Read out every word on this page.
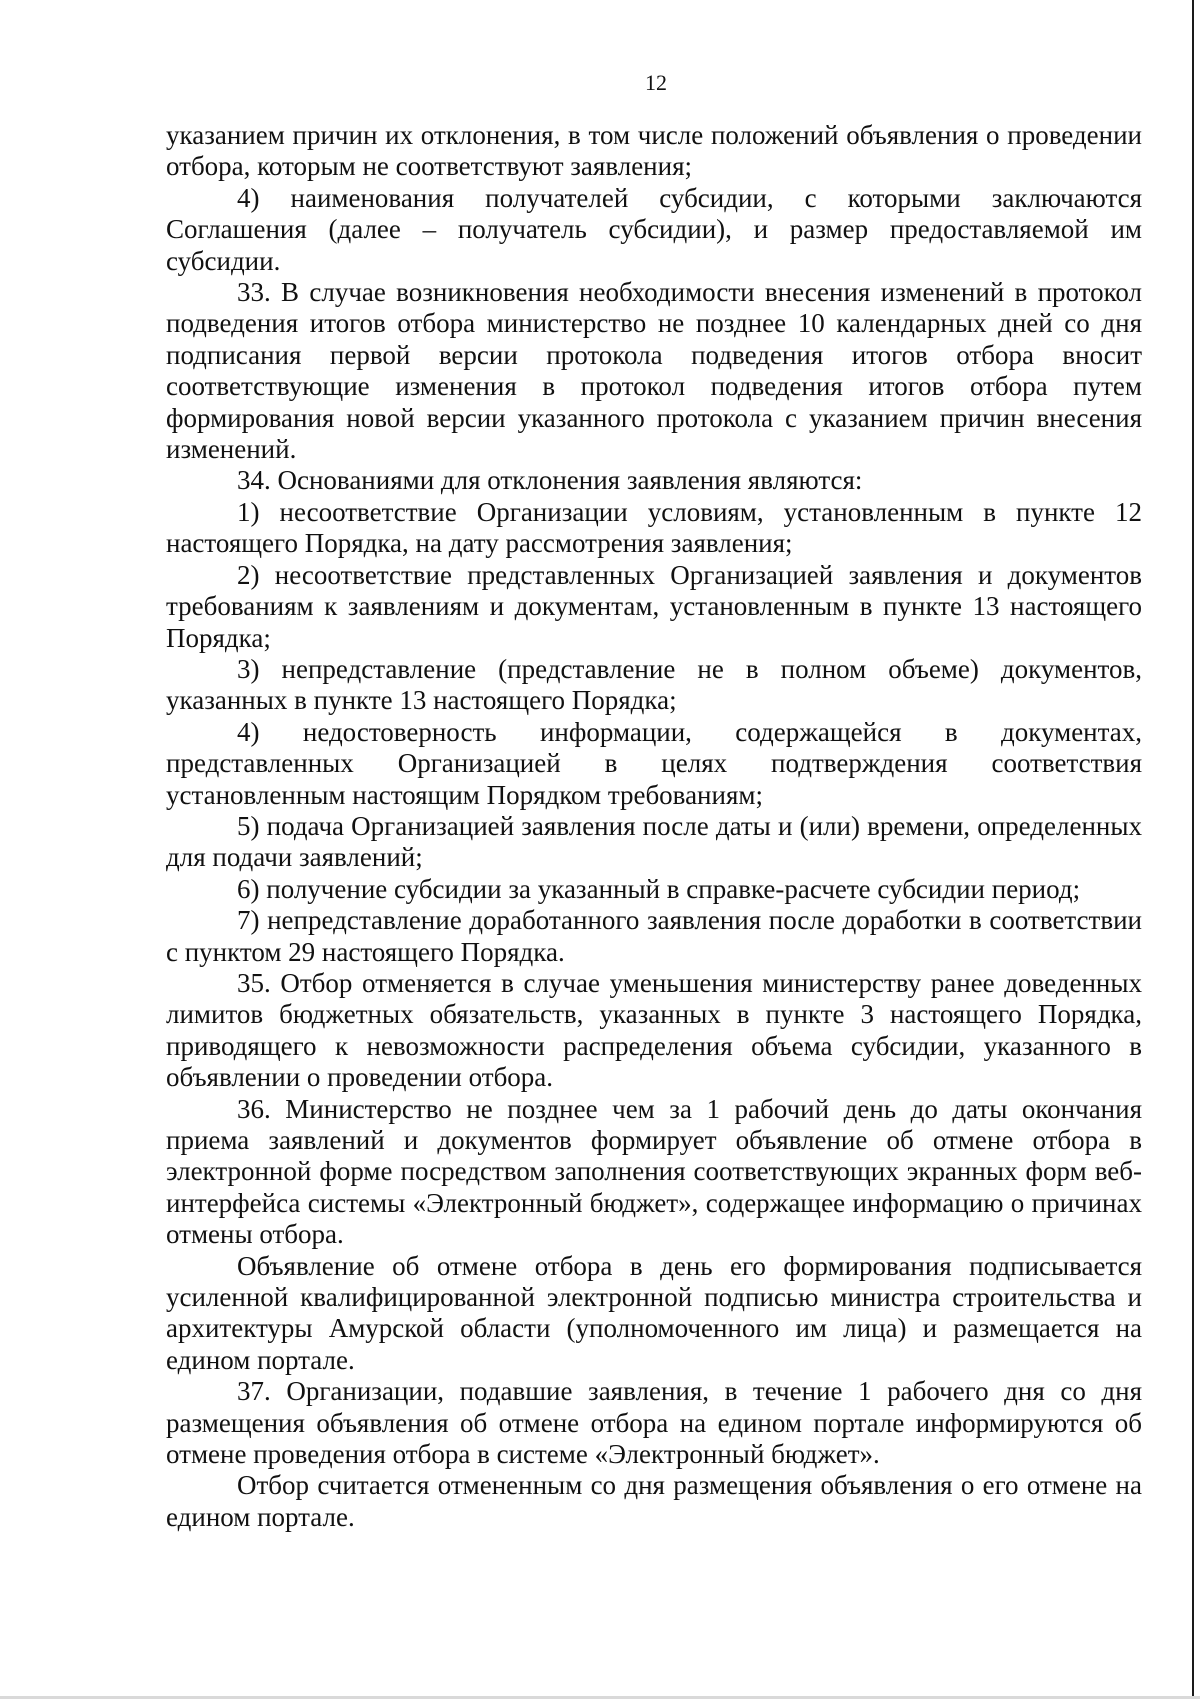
12

указанием причин их отклонения, в том числе положений объявления о проведении отбора, которым не соответствуют заявления;

4) наименования получателей субсидии, с которыми заключаются Соглашения (далее – получатель субсидии), и размер предоставляемой им субсидии.

33. В случае возникновения необходимости внесения изменений в протокол подведения итогов отбора министерство не позднее 10 календарных дней со дня подписания первой версии протокола подведения итогов отбора вносит соответствующие изменения в протокол подведения итогов отбора путем формирования новой версии указанного протокола с указанием причин внесения изменений.

34. Основаниями для отклонения заявления являются:

1) несоответствие Организации условиям, установленным в пункте 12 настоящего Порядка, на дату рассмотрения заявления;

2) несоответствие представленных Организацией заявления и документов требованиям к заявлениям и документам, установленным в пункте 13 настоящего Порядка;

3) непредставление (представление не в полном объеме) документов, указанных в пункте 13 настоящего Порядка;

4) недостоверность информации, содержащейся в документах, представленных Организацией в целях подтверждения соответствия установленным настоящим Порядком требованиям;

5) подача Организацией заявления после даты и (или) времени, определенных для подачи заявлений;

6) получение субсидии за указанный в справке-расчете субсидии период;

7) непредставление доработанного заявления после доработки в соответствии с пунктом 29 настоящего Порядка.

35. Отбор отменяется в случае уменьшения министерству ранее доведенных лимитов бюджетных обязательств, указанных в пункте 3 настоящего Порядка, приводящего к невозможности распределения объема субсидии, указанного в объявлении о проведении отбора.

36. Министерство не позднее чем за 1 рабочий день до даты окончания приема заявлений и документов формирует объявление об отмене отбора в электронной форме посредством заполнения соответствующих экранных форм веб-интерфейса системы «Электронный бюджет», содержащее информацию о причинах отмены отбора.

Объявление об отмене отбора в день его формирования подписывается усиленной квалифицированной электронной подписью министра строительства и архитектуры Амурской области (уполномоченного им лица) и размещается на едином портале.

37. Организации, подавшие заявления, в течение 1 рабочего дня со дня размещения объявления об отмене отбора на едином портале информируются об отмене проведения отбора в системе «Электронный бюджет».

Отбор считается отмененным со дня размещения объявления о его отмене на едином портале.
